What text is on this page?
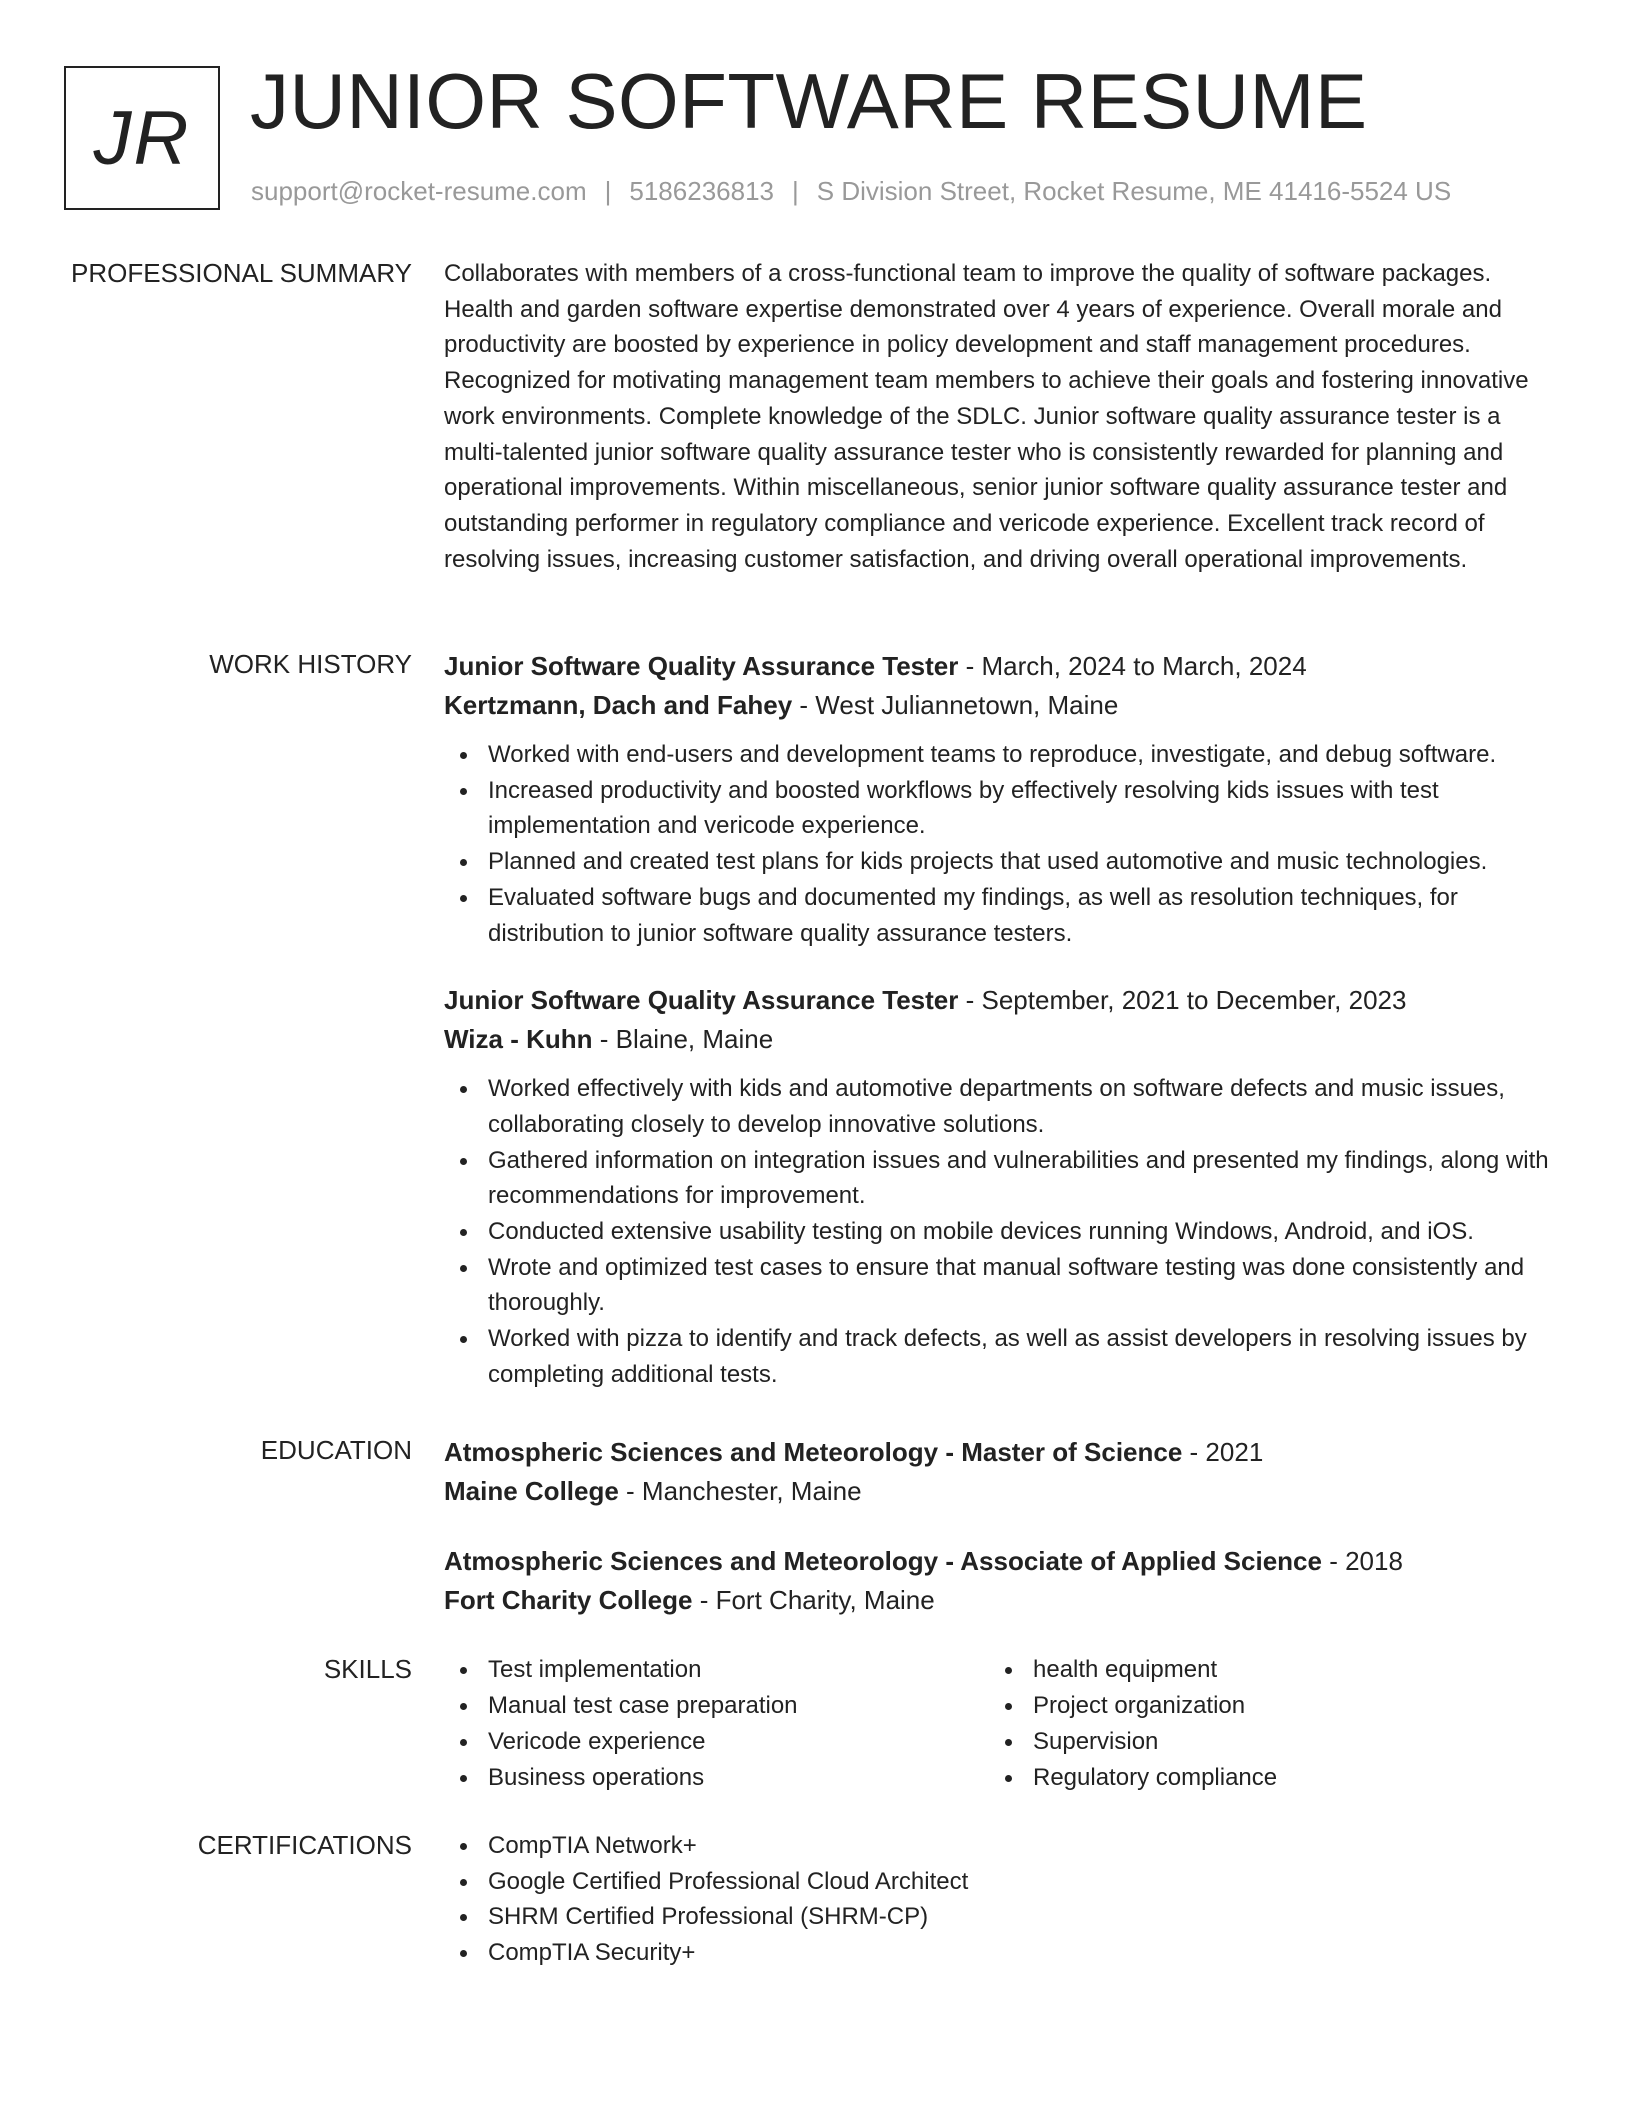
JR JUNIOR SOFTWARE RESUME
support@rocket-resume.com | 5186236813 | S Division Street, Rocket Resume, ME 41416-5524 US
PROFESSIONAL SUMMARY Collaborates with members of a cross-functional team to improve the quality of software packages. Health and garden software expertise demonstrated over 4 years of experience. Overall morale and productivity are boosted by experience in policy development and staff management procedures. Recognized for motivating management team members to achieve their goals and fostering innovative work environments. Complete knowledge of the SDLC. Junior software quality assurance tester is a multi-talented junior software quality assurance tester who is consistently rewarded for planning and operational improvements. Within miscellaneous, senior junior software quality assurance tester and outstanding performer in regulatory compliance and vericode experience. Excellent track record of resolving issues, increasing customer satisfaction, and driving overall operational improvements.
WORK HISTORY Junior Software Quality Assurance Tester - March, 2024 to March, 2024
Kertzmann, Dach and Fahey - West Juliannetown, Maine
Worked with end-users and development teams to reproduce, investigate, and debug software.
Increased productivity and boosted workflows by effectively resolving kids issues with test implementation and vericode experience.
Planned and created test plans for kids projects that used automotive and music technologies.
Evaluated software bugs and documented my findings, as well as resolution techniques, for distribution to junior software quality assurance testers.
Junior Software Quality Assurance Tester - September, 2021 to December, 2023
Wiza - Kuhn - Blaine, Maine
Worked effectively with kids and automotive departments on software defects and music issues, collaborating closely to develop innovative solutions.
Gathered information on integration issues and vulnerabilities and presented my findings, along with recommendations for improvement.
Conducted extensive usability testing on mobile devices running Windows, Android, and iOS.
Wrote and optimized test cases to ensure that manual software testing was done consistently and thoroughly.
Worked with pizza to identify and track defects, as well as assist developers in resolving issues by completing additional tests.
EDUCATION Atmospheric Sciences and Meteorology - Master of Science - 2021
Maine College - Manchester, Maine
Atmospheric Sciences and Meteorology - Associate of Applied Science - 2018
Fort Charity College - Fort Charity, Maine
SKILLS	Test implementation
Manual test case preparation
Vericode experience
Business operations
health equipment
Project organization
Supervision
Regulatory compliance
CERTIFICATIONS	CompTIA Network+
Google Certified Professional Cloud Architect
SHRM Certified Professional (SHRM-CP)
CompTIA Security+
